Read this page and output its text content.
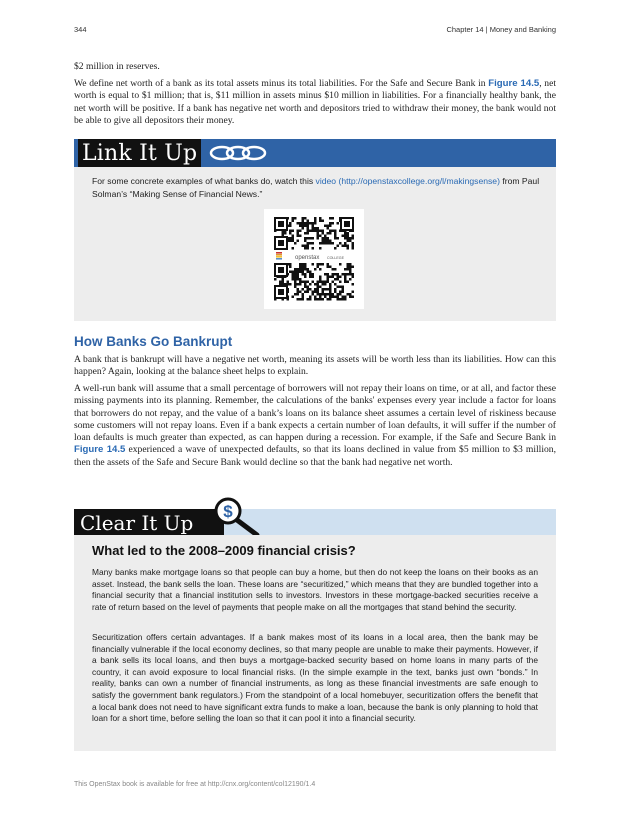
344	Chapter 14 | Money and Banking

$2 million in reserves.

We define net worth of a bank as its total assets minus its total liabilities. For the Safe and Secure Bank in Figure 14.5, net worth is equal to $1 million; that is, $11 million in assets minus $10 million in liabilities. For a financially healthy bank, the net worth will be positive. If a bank has negative net worth and depositors tried to withdraw their money, the bank would not be able to give all depositors their money.

Link It Up
For some concrete examples of what banks do, watch this video (http://openstaxcollege.org/l/makingsense) from Paul Solman’s “Making Sense of Financial News.”
openstax COLLEGE
How Banks Go Bankrupt

A bank that is bankrupt will have a negative net worth, meaning its assets will be worth less than its liabilities. How can this happen? Again, looking at the balance sheet helps to explain.

A well-run bank will assume that a small percentage of borrowers will not repay their loans on time, or at all, and factor these missing payments into its planning. Remember, the calculations of the banks' expenses every year include a factor for loans that borrowers do not repay, and the value of a bank’s loans on its balance sheet assumes a certain level of riskiness because some customers will not repay loans. Even if a bank expects a certain number of loan defaults, it will suffer if the number of loan defaults is much greater than expected, as can happen during a recession. For example, if the Safe and Secure Bank in Figure 14.5 experienced a wave of unexpected defaults, so that its loans declined in value from $5 million to $3 million, then the assets of the Safe and Secure Bank would decline so that the bank had negative net worth.

Clear It Up	$
What led to the 2008–2009 financial crisis?

Many banks make mortgage loans so that people can buy a home, but then do not keep the loans on their books as an asset. Instead, the bank sells the loan. These loans are “securitized,” which means that they are bundled together into a financial security that a financial institution sells to investors. Investors in these mortgage-backed securities receive a rate of return based on the level of payments that people make on all the mortgages that stand behind the security.

Securitization offers certain advantages. If a bank makes most of its loans in a local area, then the bank may be financially vulnerable if the local economy declines, so that many people are unable to make their payments. However, if a bank sells its local loans, and then buys a mortgage-backed security based on home loans in many parts of the country, it can avoid exposure to local financial risks. (In the simple example in the text, banks just own “bonds.” In reality, banks can own a number of financial instruments, as long as these financial investments are safe enough to satisfy the government bank regulators.) From the standpoint of a local homebuyer, securitization offers the benefit that a local bank does not need to have significant extra funds to make a loan, because the bank is only planning to hold that loan for a short time, before selling the loan so that it can pool it into a financial security.

This OpenStax book is available for free at http://cnx.org/content/col12190/1.4
